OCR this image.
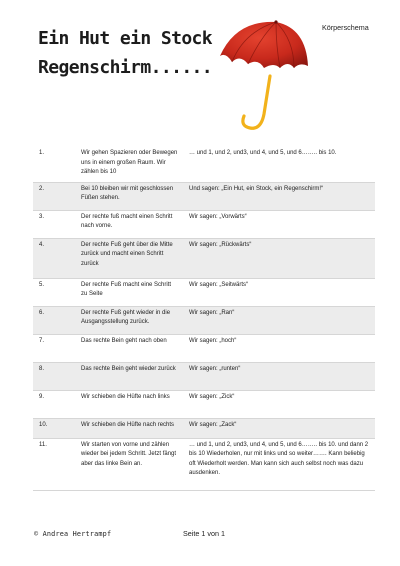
Körperschema
Ein Hut ein Stock
Regenschirm......
1.	Wir gehen Spazieren oder Bewegen uns in einem großen Raum. Wir zählen bis 10	… und 1, und 2, und3, und 4, und 5, und 6…….. bis 10.
2.	Bei 10 bleiben wir mit geschlossen Füßen stehen.	Und sagen: „Ein Hut, ein Stock, ein Regenschirm!“
3.	Der rechte fuß macht einen Schritt nach vorne.	Wir sagen: „Vorwärts“
4.	Der rechte Fuß geht über die Mitte zurück und macht einen Schritt zurück	Wir sagen: „Rückwärts“
5.	Der rechte Fuß macht eine Schritt zu Seite	Wir sagen: „Seitwärts“
6.	Der rechte Fuß geht wieder in die Ausgangsstellung zurück.	Wir sagen: „Ran“
7.	Das rechte Bein geht nach oben	Wir sagen: „hoch“
8.	Das rechte Bein geht wieder zurück	Wir sagen: „runten“
9.	Wir schieben die Hüfte nach links	Wir sagen: „Zick“
10.	Wir schieben die Hüfte nach rechts	Wir sagen: „Zack“
11.	Wir starten von vorne und zählen wieder bei jedem Schritt. Jetzt fängt aber das linke Bein an.	… und 1, und 2, und3, und 4, und 5, und 6…….. bis 10. und dann 2 bis 10 Wiederholen, nur mit links und so weiter……. Kann beliebig oft Wiederholt werden. Man kann sich auch selbst noch was dazu ausdenken.
© Andrea Hertrampf	Seite 1 von 1
